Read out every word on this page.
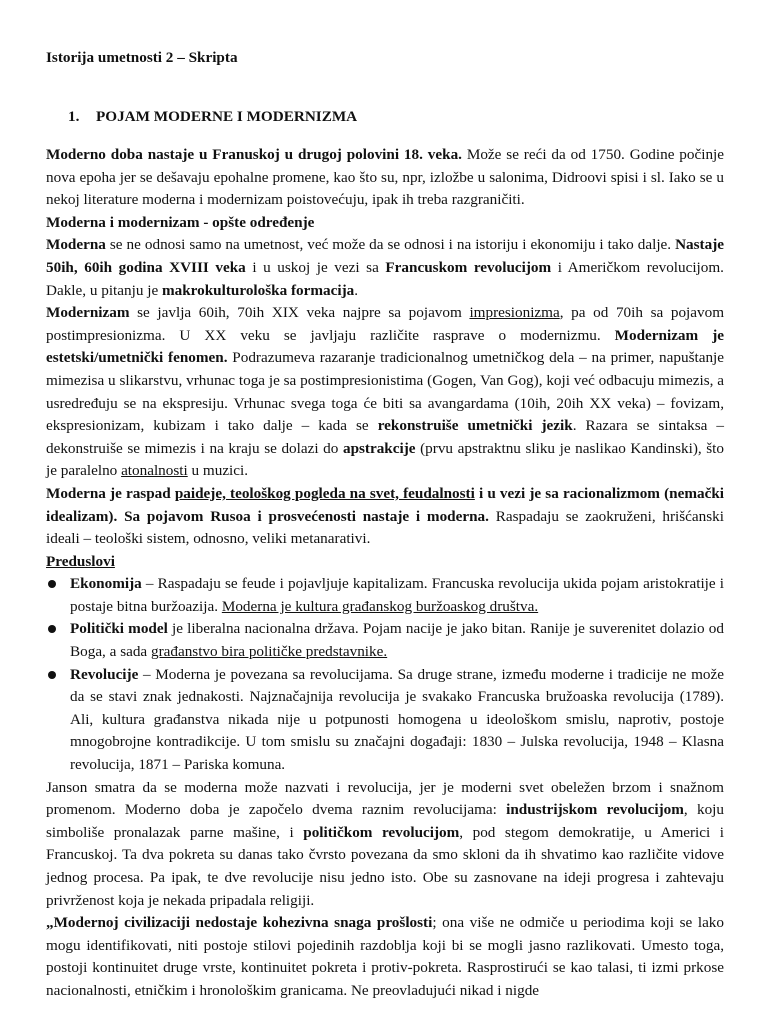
Istorija umetnosti 2 – Skripta
1. POJAM MODERNE I MODERNIZMA

Moderno doba nastaje u Franuskoj u drugoj polovini 18. veka. Može se reći da od 1750. Godine počinje nova epoha jer se dešavaju epohalne promene, kao što su, npr, izložbe u salonima, Didroovi spisi i sl. Iako se u nekoj literature moderna i modernizam poistovećuju, ipak ih treba razgraničiti.

Moderna i modernizam - opšte određenje

Moderna se ne odnosi samo na umetnost, već može da se odnosi i na istoriju i ekonomiju i tako dalje. Nastaje 50ih, 60ih godina XVIII veka i u uskoj je vezi sa Francuskom revolucijom i Američkom revolucijom. Dakle, u pitanju je makrokulturološka formacija.

Modernizam se javlja 60ih, 70ih XIX veka najpre sa pojavom impresionizma, pa od 70ih sa pojavom postimpresionizma. U XX veku se javljaju različite rasprave o modernizmu. Modernizam je estetski/umetnički fenomen. Podrazumeva razaranje tradicionalnog umetničkog dela – na primer, napuštanje mimezisa u slikarstvu, vrhunac toga je sa postimpresionistima (Gogen, Van Gog), koji već odbacuju mimezis, a usredređuju se na ekspresiju. Vrhunac svega toga će biti sa avangardama (10ih, 20ih XX veka) – fovizam, ekspresionizam, kubizam i tako dalje – kada se rekonstruiše umetnički jezik. Razara se sintaksa – dekonstruiše se mimezis i na kraju se dolazi do apstrakcije (prvu apstraktnu sliku je naslikao Kandinski), što je paralelno atonalnosti u muzici.

Moderna je raspad paideje, teološkog pogleda na svet, feudalnosti i u vezi je sa racionalizmom (nemački idealizam). Sa pojavom Rusoa i prosvećenosti nastaje i moderna. Raspadaju se zaokruženi, hrišćanski ideali – teološki sistem, odnosno, veliki metanarativi.

Preduslovi

Ekonomija – Raspadaju se feude i pojavljuje kapitalizam. Francuska revolucija ukida pojam aristokratije i postaje bitna buržoazija. Moderna je kultura građanskog buržoaskog društva.
Politički model je liberalna nacionalna država. Pojam nacije je jako bitan. Ranije je suverenitet dolazio od Boga, a sada građanstvo bira političke predstavnike.
Revolucije – Moderna je povezana sa revolucijama. Sa druge strane, između moderne i tradicije ne može da se stavi znak jednakosti. Najznačajnija revolucija je svakako Francuska bružoaska revolucija (1789). Ali, kultura građanstva nikada nije u potpunosti homogena u ideološkom smislu, naprotiv, postoje mnogobrojne kontradikcije. U tom smislu su značajni događaji: 1830 – Julska revolucija, 1948 – Klasna revolucija, 1871 – Pariska komuna.

Janson smatra da se moderna može nazvati i revolucija, jer je moderni svet obeležen brzom i snažnom promenom. Moderno doba je započelo dvema raznim revolucijama: industrijskom revolucijom, koju simboliše pronalazak parne mašine, i političkom revolucijom, pod stegom demokratije, u Americi i Francuskoj. Ta dva pokreta su danas tako čvrsto povezana da smo skloni da ih shvatimo kao različite vidove jednog procesa. Pa ipak, te dve revolucije nisu jedno isto. Obe su zasnovane na ideji progresa i zahtevaju privrženost koja je nekada pripadala religiji.

„Modernoj civilizaciji nedostaje kohezivna snaga prošlosti; ona više ne odmiče u periodima koji se lako mogu identifikovati, niti postoje stilovi pojedinih razdoblja koji bi se mogli jasno razlikovati. Umesto toga, postoji kontinuitet druge vrste, kontinuitet pokreta i protiv-pokreta. Rasprostirući se kao talasi, ti izmi prkose nacionalnosti, etničkim i hronološkim granicama. Ne preovladujući nikad i nigde
